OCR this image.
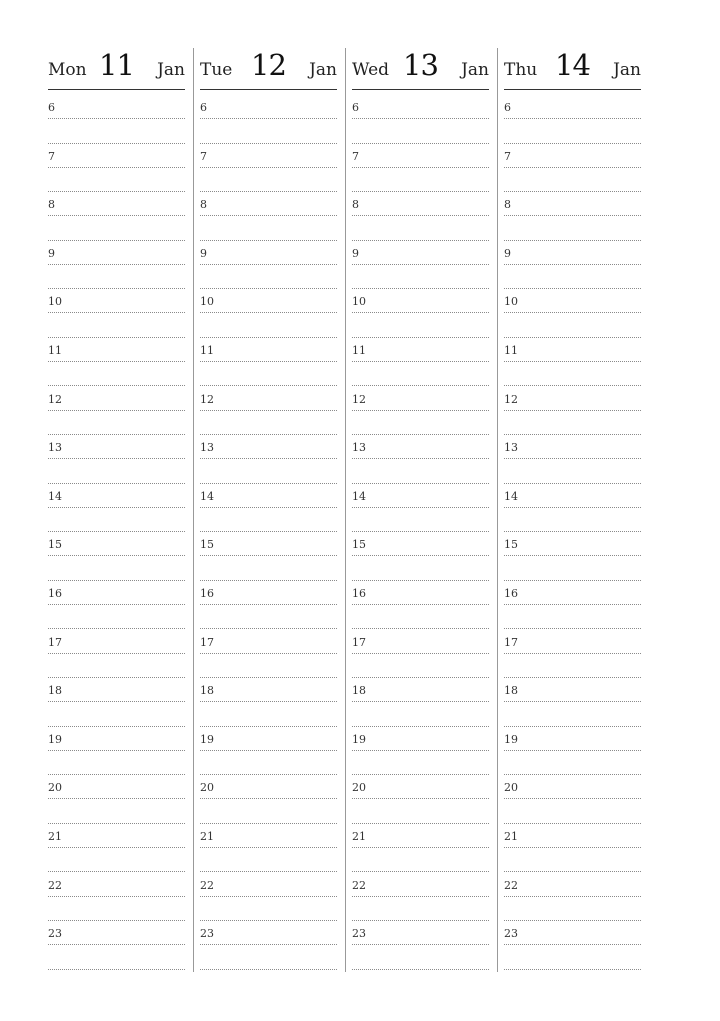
Mon 11	Jan
6
7
8
9
10
11
12
13
14
15
16
17
18
19
20
21
22
23
Tue 12	Jan
6
7
8
9
10
11
12
13
14
15
16
17
18
19
20
21
22
23
Wed 13	Jan
6
7
8
9
10
11
12
13
14
15
16
17
18
19
20
21
22
23
Thu 14	Jan
6
7
8
9
10
11
12
13
14
15
16
17
18
19
20
21
22
23
